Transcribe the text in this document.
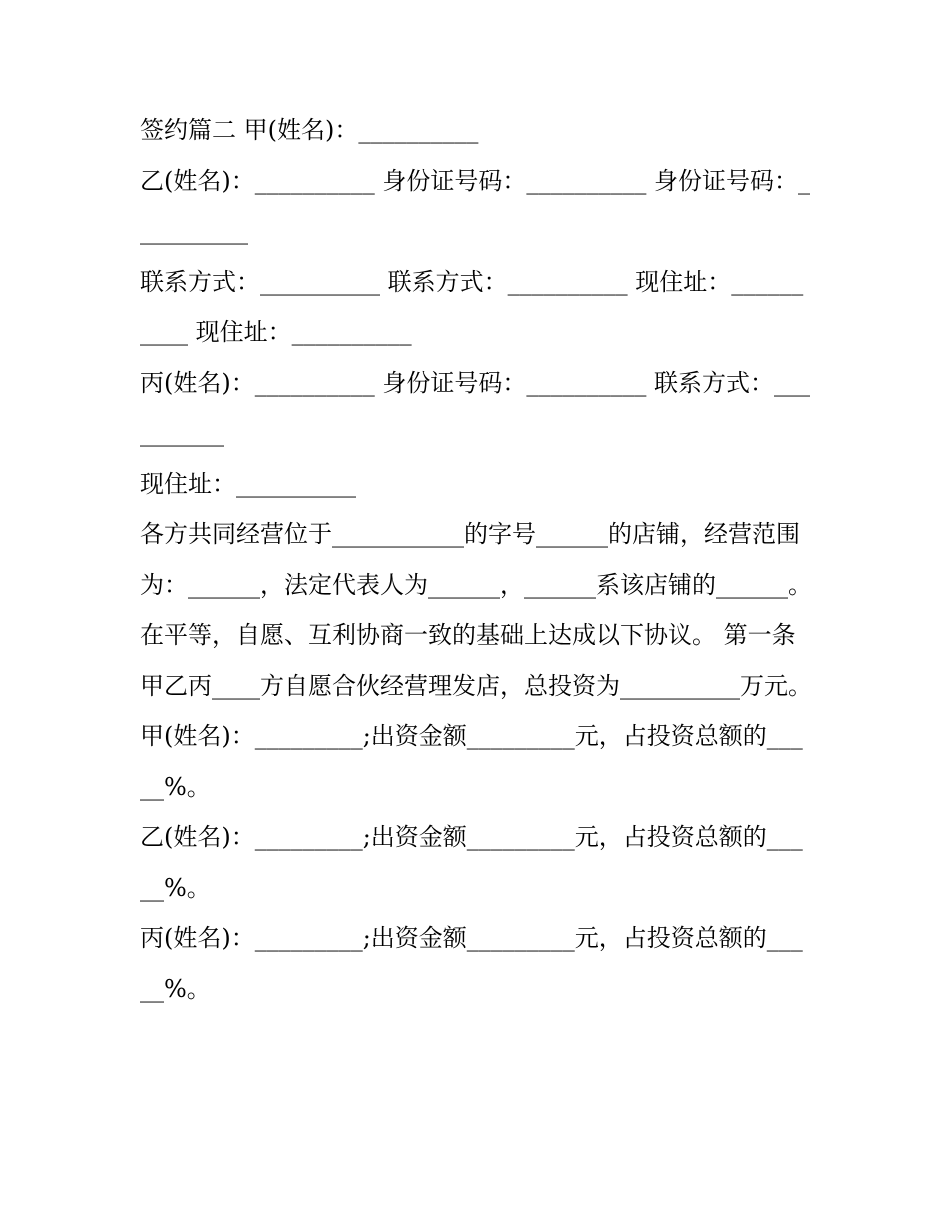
签约篇二 甲(姓名)：__________

乙(姓名)：__________ 身份证号码：__________ 身份证号码：__________

联系方式：__________ 联系方式：__________ 现住址：__________ 现住址：__________

丙(姓名)：__________ 身份证号码：__________ 联系方式：__________

现住址：__________

各方共同经营位于___________的字号______的店铺，经营范围为：______，法定代表人为______，______系该店铺的______。

在平等，自愿、互利协商一致的基础上达成以下协议。 第一条甲乙丙____方自愿合伙经营理发店，总投资为__________万元。

甲(姓名)：_________;出资金额_________元，占投资总额的_____%。

乙(姓名)：_________;出资金额_________元，占投资总额的_____%。

丙(姓名)：_________;出资金额_________元，占投资总额的_____%。
